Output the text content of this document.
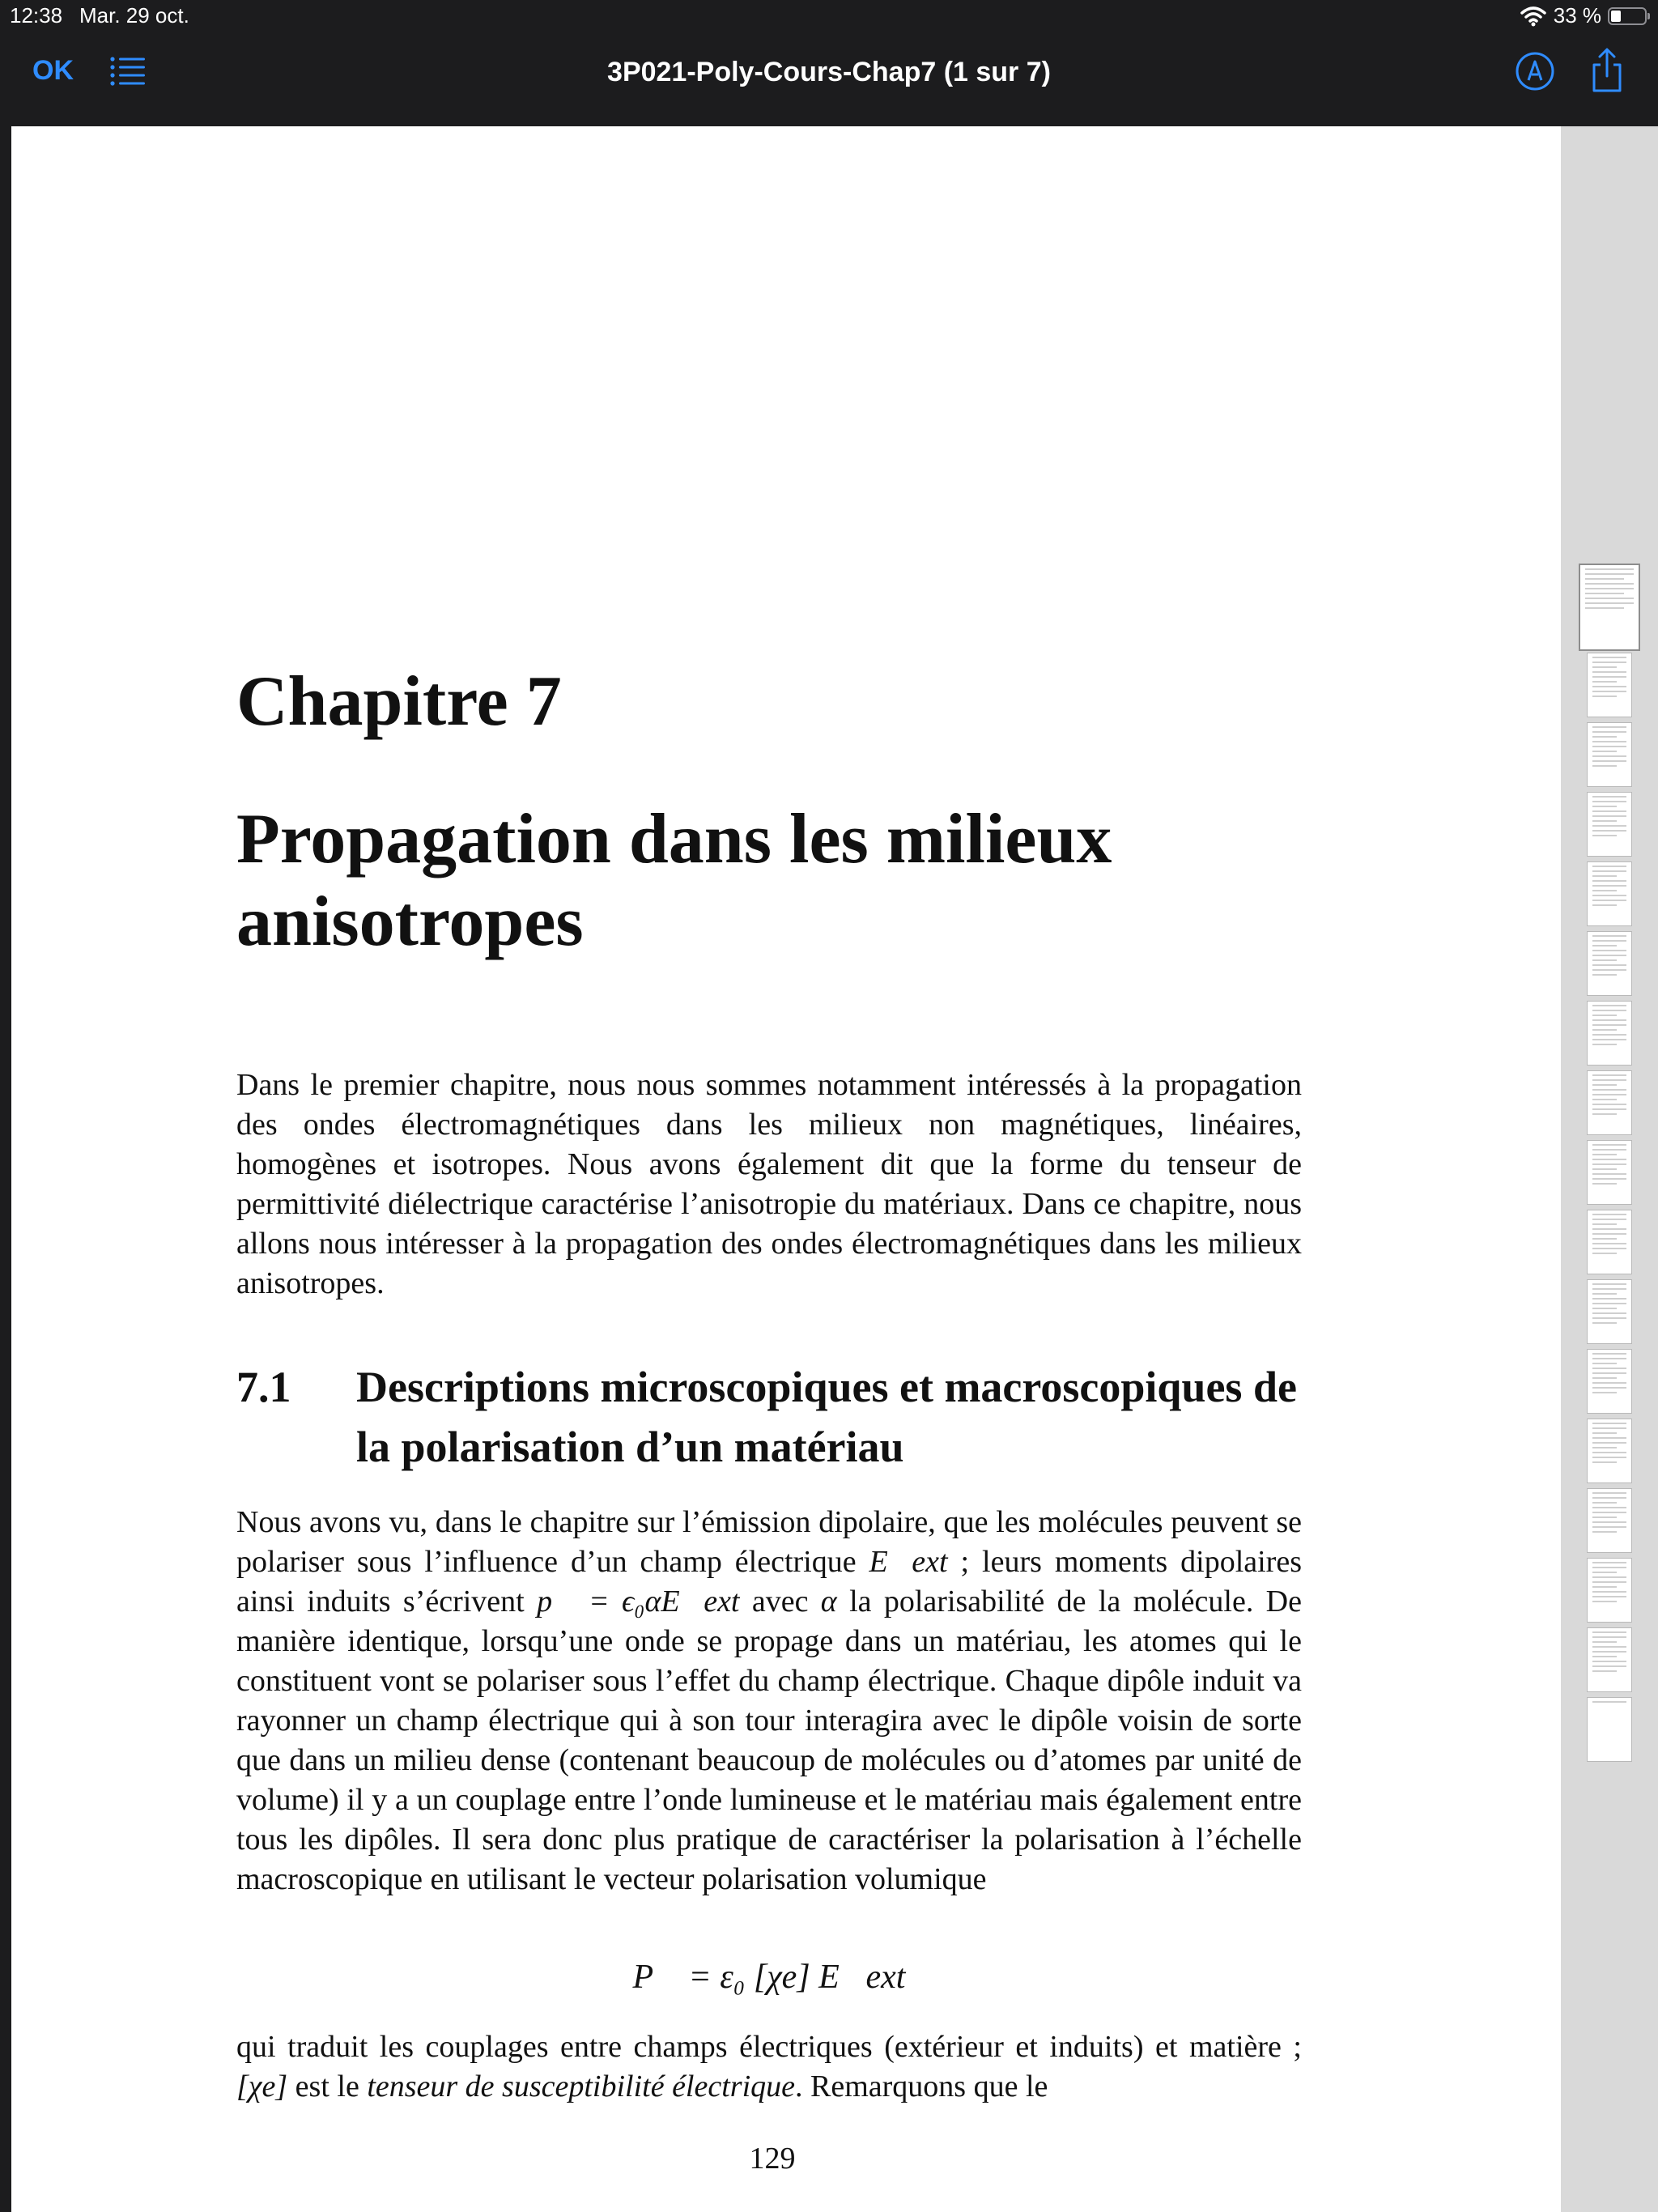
12:38 Mar. 29 oct.	33 %
OK	3P021-Poly-Cours-Chap7 (1 sur 7)
Chapitre 7
Propagation dans les milieux
anisotropes

Dans le premier chapitre, nous nous sommes notamment intéressés à la propagation des ondes électromagnétiques dans les milieux non magnétiques, linéaires, homogènes et isotropes. Nous avons également dit que la forme du tenseur de permittivité diélectrique caractérise l’anisotropie du matériaux. Dans ce chapitre, nous allons nous intéresser à la propagation des ondes électromagnétiques dans les milieux anisotropes.

7.1 Descriptions microscopiques et macroscopiques de la polarisation d’un matériau

Nous avons vu, dans le chapitre sur l’émission dipolaire, que les molécules peuvent se polariser sous l’influence d’un champ électrique E⃗ext ; leurs moments dipolaires ainsi induits s’écrivent p⃗ = ϵ₀αE⃗ext avec α la polarisabilité de la molécule. De manière identique, lorsqu’une onde se propage dans un matériau, les atomes qui le constituent vont se polariser sous l’effet du champ électrique. Chaque dipôle induit va rayonner un champ électrique qui à son tour interagira avec le dipôle voisin de sorte que dans un milieu dense (contenant beaucoup de molécules ou d’atomes par unité de volume) il y a un couplage entre l’onde lumineuse et le matériau mais également entre tous les dipôles. Il sera donc plus pratique de caractériser la polarisation à l’échelle macroscopique en utilisant le vecteur polarisation volumique

P⃗ = ε₀ [χe] E⃗ext

qui traduit les couplages entre champs électriques (extérieur et induits) et matière ; [χe] est le tenseur de susceptibilité électrique. Remarquons que le

129
